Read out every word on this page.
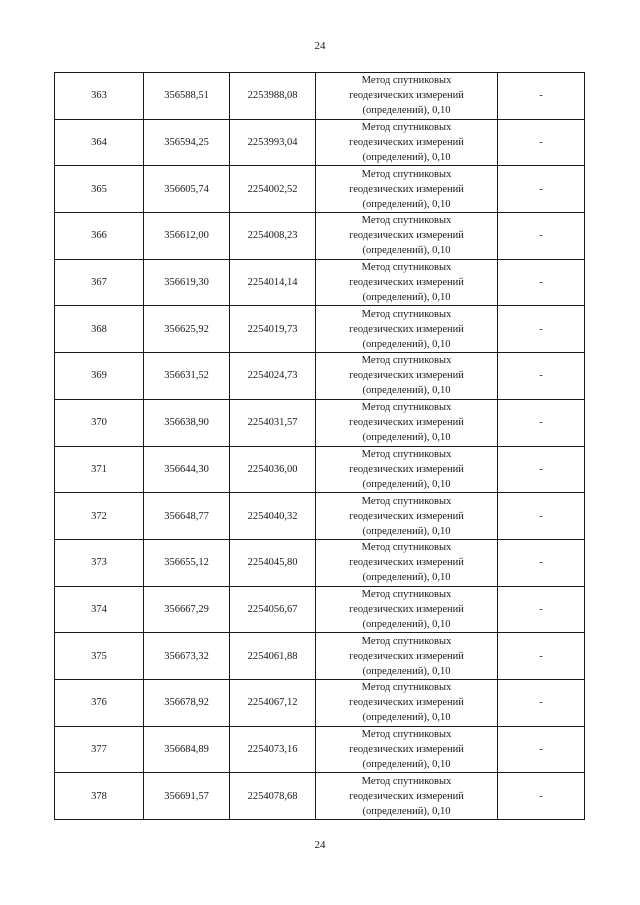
24
363	356588,51	2253988,08	Метод спутниковых
геодезических измерений
(определений), 0,10	-
364	356594,25	2253993,04	Метод спутниковых
геодезических измерений
(определений), 0,10	-
365	356605,74	2254002,52	Метод спутниковых
геодезических измерений
(определений), 0,10	-
366	356612,00	2254008,23	Метод спутниковых
геодезических измерений
(определений), 0,10	-
367	356619,30	2254014,14	Метод спутниковых
геодезических измерений
(определений), 0,10	-
368	356625,92	2254019,73	Метод спутниковых
геодезических измерений
(определений), 0,10	-
369	356631,52	2254024,73	Метод спутниковых
геодезических измерений
(определений), 0,10	-
370	356638,90	2254031,57	Метод спутниковых
геодезических измерений
(определений), 0,10	-
371	356644,30	2254036,00	Метод спутниковых
геодезических измерений
(определений), 0,10	-
372	356648,77	2254040,32	Метод спутниковых
геодезических измерений
(определений), 0,10	-
373	356655,12	2254045,80	Метод спутниковых
геодезических измерений
(определений), 0,10	-
374	356667,29	2254056,67	Метод спутниковых
геодезических измерений
(определений), 0,10	-
375	356673,32	2254061,88	Метод спутниковых
геодезических измерений
(определений), 0,10	-
376	356678,92	2254067,12	Метод спутниковых
геодезических измерений
(определений), 0,10	-
377	356684,89	2254073,16	Метод спутниковых
геодезических измерений
(определений), 0,10	-
378	356691,57	2254078,68	Метод спутниковых
геодезических измерений
(определений), 0,10	-
24
